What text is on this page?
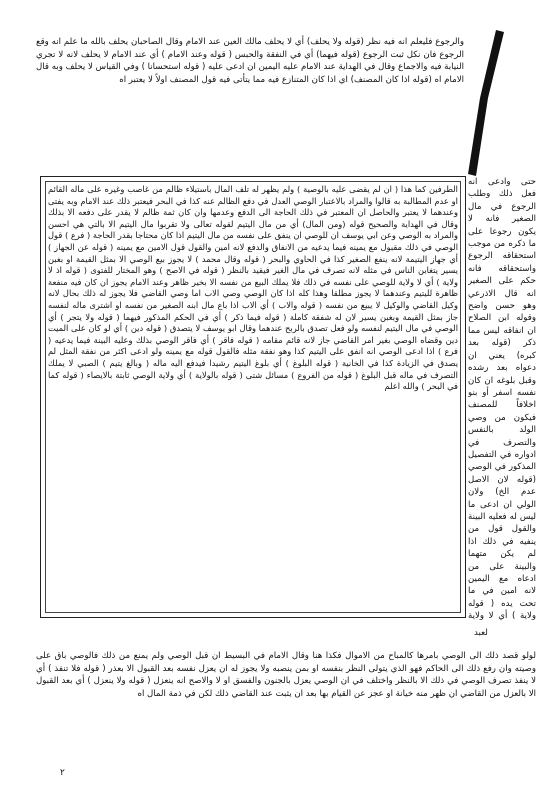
والرجوع فليعلم انه فيه نظر (قوله ولا يحلف) أي لا يحلف مالك العين عند الامام وقال الصاحبان يحلف بالله ما علم انه وقع الرجوع فان نكل ثبت الرجوع (قوله فيهما) أي في النفقة والحبس ( قوله وعند الامام ) أي عند الامام لا يحلف لانه لا تجري النيابة فيه والاجماع وقال في الهداية عند الامام عليه اليمين ان ادعى عليه ( قوله استحسانا ) وفي القياس لا يحلف وبه قال الامام اه (قوله اذا كان المصنف) اي اذا كان المتنازع فيه مما يتأتى فيه قول المصنف اولاً لا يعتبر اه

الطرفين كما هذا ( ان لم يقضى عليه بالوصية ) ولم يظهر له تلف المال باستيلاء ظالم من غاصب وغيره على ماله القائم او عدم المطالبة به قالوا والمراد بالاعتبار الوصي العدل في دفع الظالم عنه كذا في البحر فيعتبر ذلك عند الامام وبه يفتى وعندهما لا يعتبر والحاصل ان المعتبر في ذلك الحاجة الى الدفع وعدمها وان كان ثمة ظالم لا يقدر على دفعه الا بذلك وقال في الهداية والصحيح قوله (ومن المال) أي من مال اليتيم لقوله تعالى ولا تقربوا مال اليتيم الا بالتي هي احسن والمراد به الوصي وعن ابي يوسف ان للوصي ان ينفق على نفسه من مال اليتيم اذا كان محتاجا بقدر الحاجة ( فرع ) قول الوصي في ذلك مقبول مع يمينه فيما يدعيه من الانفاق والدفع لانه امين والقول قول الامين مع يمينه ( قوله عن الجهاز ) أي جهاز اليتيمة لانه ينفع الصغير كذا في الحاوي والبحر ( قوله وقال محمد ) لا يجوز بيع الوصي الا بمثل القيمة او بغبن يسير يتغابن الناس في مثله لانه تصرف في مال الغير فيقيد بالنظر ( قوله في الاصح ) وهو المختار للفتوى ( قوله اذ لا ولاية ) أي لا ولاية للوصي على نفسه في ذلك فلا يملك البيع من نفسه الا بخير ظاهر وعند الامام يجوز ان كان فيه منفعة ظاهرة لليتيم وعندهما لا يجوز مطلقا وهذا كله اذا كان الوصي وصي الاب اما وصي القاضي فلا يجوز له ذلك بحال لانه وكيل القاضي والوكيل لا يبيع من نفسه ( قوله والاب ) أي الاب اذا باع مال ابنه الصغير من نفسه او اشترى ماله لنفسه جاز بمثل القيمة وبغبن يسير لان له شفقة كاملة ( قوله فيما ذكر ) أي في الحكم المذكور فيهما ( قوله ولا يتجر ) أي الوصي في مال اليتيم لنفسه ولو فعل تصدق بالربح عندهما وقال ابو يوسف لا يتصدق ( قوله دين ) أي لو كان على الميت دين وقضاه الوصي بغير امر القاضي جاز لانه قائم مقامه ( قوله فاقر ) أي فاقر الوصي بذلك وعليه البينة فيما يدعيه ( فرع ) اذا ادعى الوصي انه انفق على اليتيم كذا وهو نفقة مثله فالقول قوله مع يمينه ولو ادعى اكثر من نفقة المثل لم يصدق في الزيادة كذا في الخانية ( قوله البلوغ ) أي بلوغ اليتيم رشيدا فيدفع اليه ماله ( وبالغ يتيم ) الصبي لا يملك التصرف في ماله قبل البلوغ ( قوله من الفروع ) مسائل شتى ( قوله بالولاية ) أي ولاية الوصي ثابتة بالايصاء ( قوله كما في البحر ) والله اعلم

حتى وادعى انه فعل ذلك وطلب الرجوع في مال الصغير فانه لا يكون رجوعا على ما ذكره من موجب استحقاقه الرجوع واستحقاقه فانه حكم على الصغير انه قال الاذرعي وهو حسن واضح وقوله ابن الصلاح ان انفاقه ليس مما ذكر (قوله بعد كبره) يعني ان دعواه بعد رشده وقبل بلوغه ان كان نفسه اسفر أو بنو اخلافاً للمصنف فيكون من وصي الولد بالنفس والتصرف في ادواره في التفصيل المذكور في الوصي (قوله لان الاصل عدم الخ) ولان الولي ان ادعى ما ليس له فعليه البينة والقول قول من ينفيه في ذلك اذا لم يكن متهما والبينة على من ادعاه مع اليمين لانه امين في ما تحت يده ( قوله ولاية ) أي لا ولاية

لعبد

لولو قصد ذلك الى الوصي بامرها كالمباح من الاموال فكذا هنا وقال الامام في البسيط ان قبل الوصي ولم يمنع من ذلك فالوصي باق على وصيته وان رفع ذلك الى الحاكم فهو الذي يتولى النظر بنفسه او بمن ينصبه ولا يجوز له ان يعزل نفسه بعد القبول الا بعذر ( قوله فلا تنفذ ) أي لا ينفذ تصرف الوصي في ذلك الا بالنظر واختلف في ان الوصي يعزل بالجنون والفسق او لا والاصح انه ينعزل ( قوله ولا ينعزل ) أي بعد القبول الا بالعزل من القاضي ان ظهر منه خيانة او عجز عن القيام بها بعد ان يثبت عند القاضي ذلك لكن في ذمة المال اه

٢
